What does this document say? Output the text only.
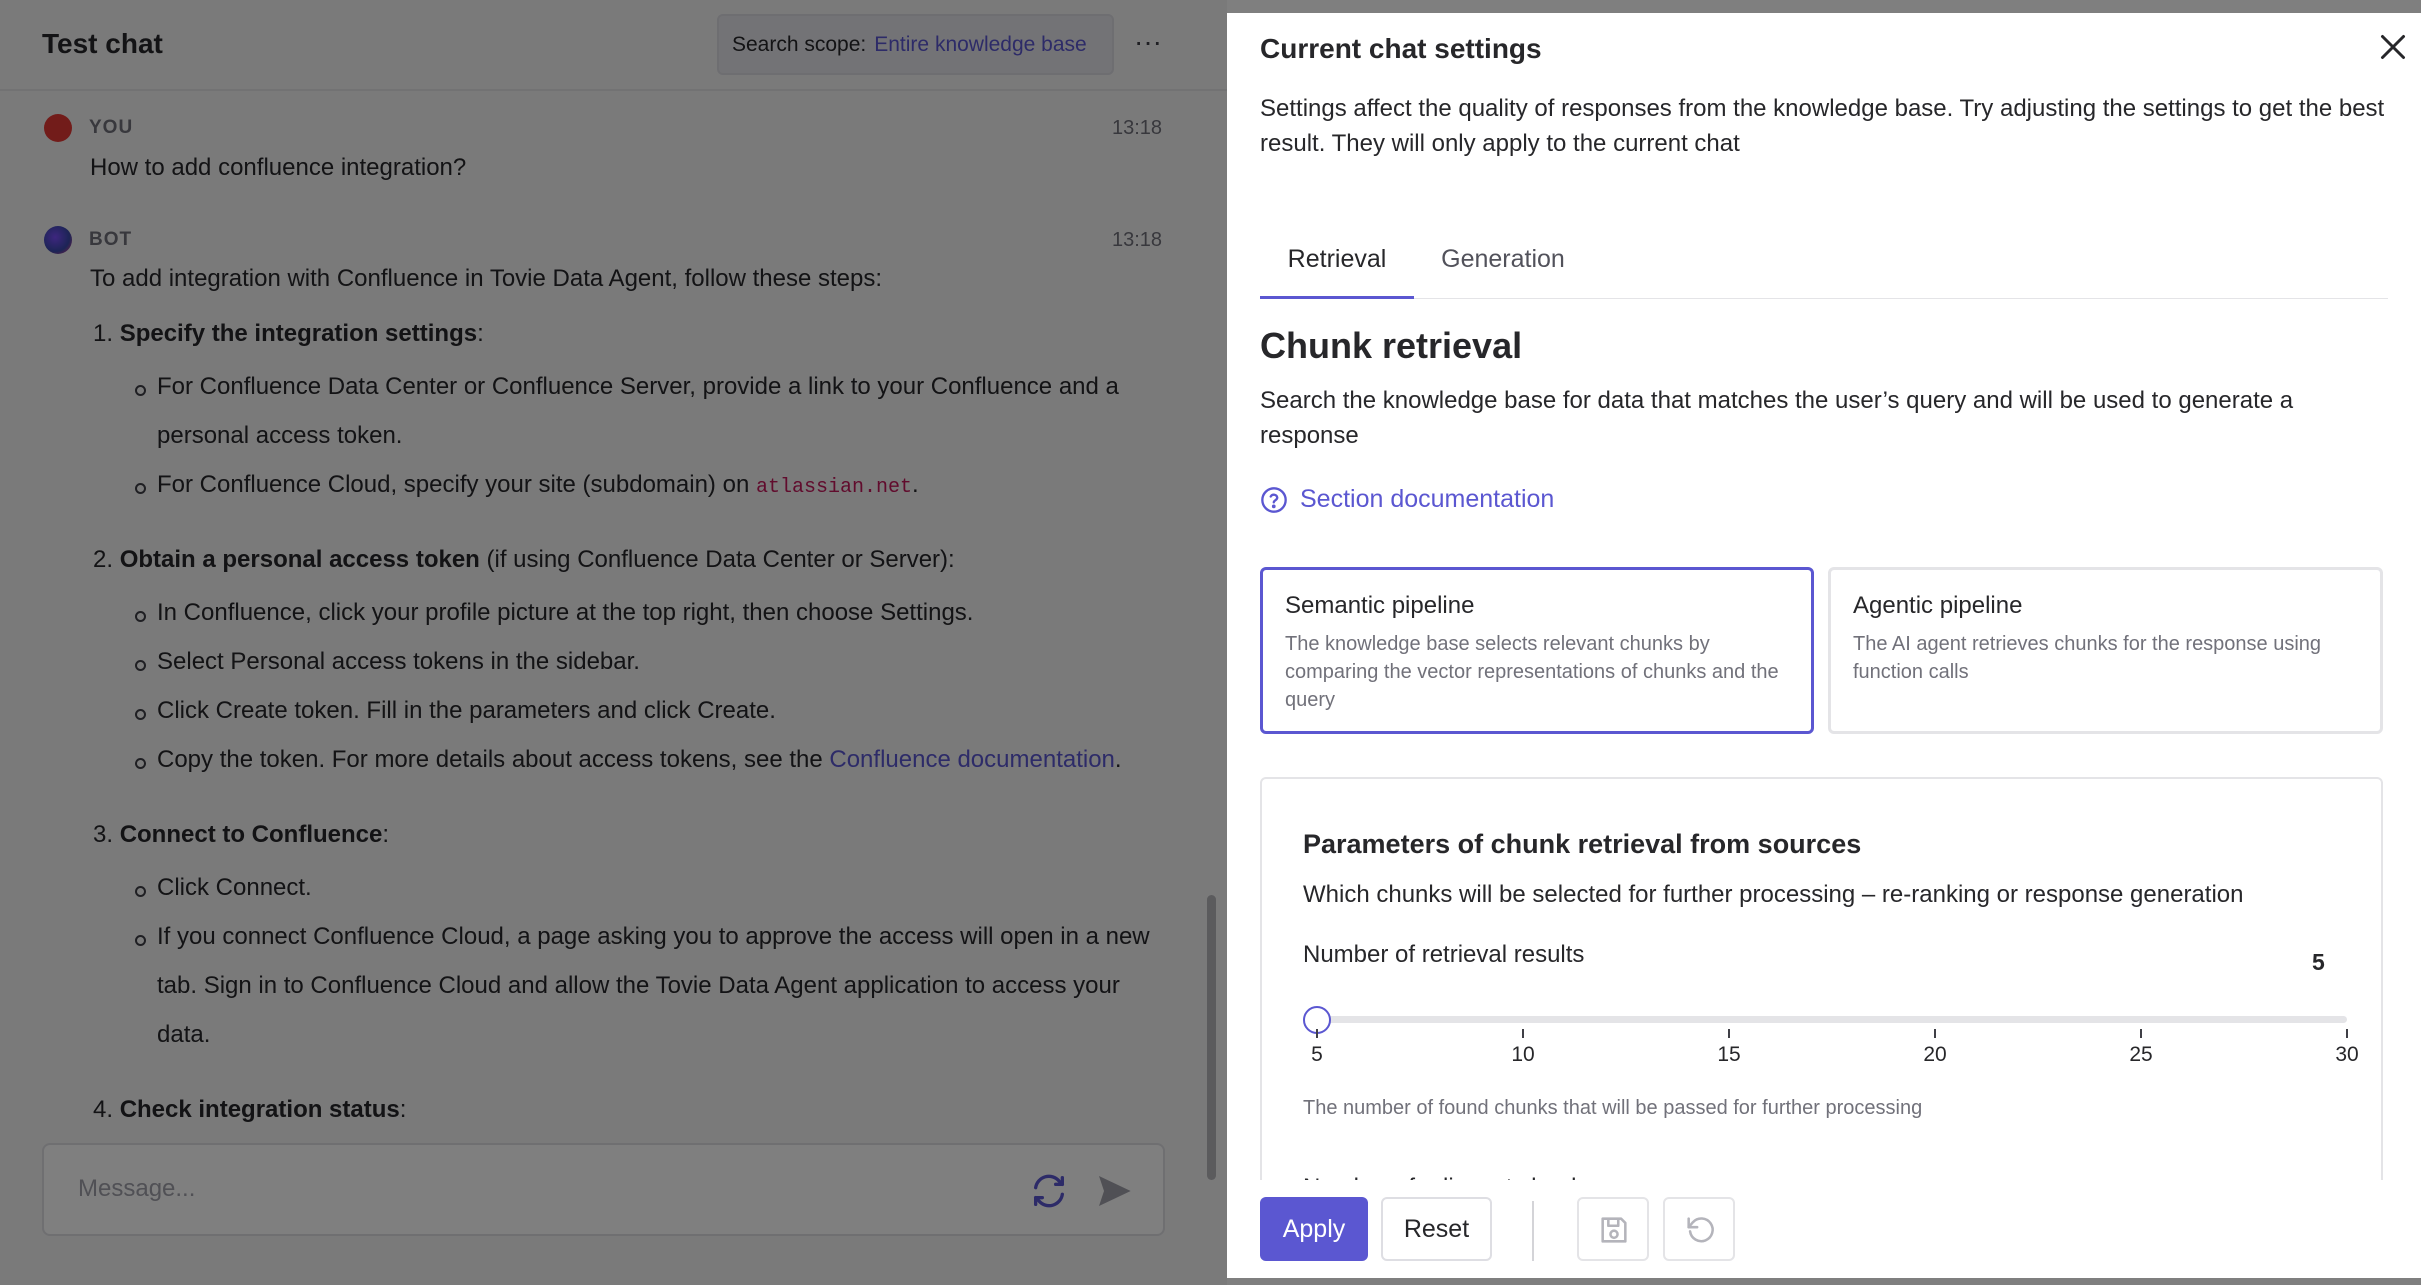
Current chat settings
Settings affect the quality of responses from the knowledge base. Try adjusting the settings to get the best result. They will only apply to the current chat
Retrieval	Generation
Chunk retrieval
Search the knowledge base for data that matches the user’s query and will be used to generate a response
Section documentation
Semantic pipeline
The knowledge base selects relevant chunks by comparing the vector representations of chunks and the query
Agentic pipeline
The AI agent retrieves chunks for the response using function calls
Parameters of chunk retrieval from sources
Which chunks will be selected for further processing – re-ranking or response generation
Number of retrieval results	5
5	10	15	20	25	30
The number of found chunks that will be passed for further processing
Apply	Reset
